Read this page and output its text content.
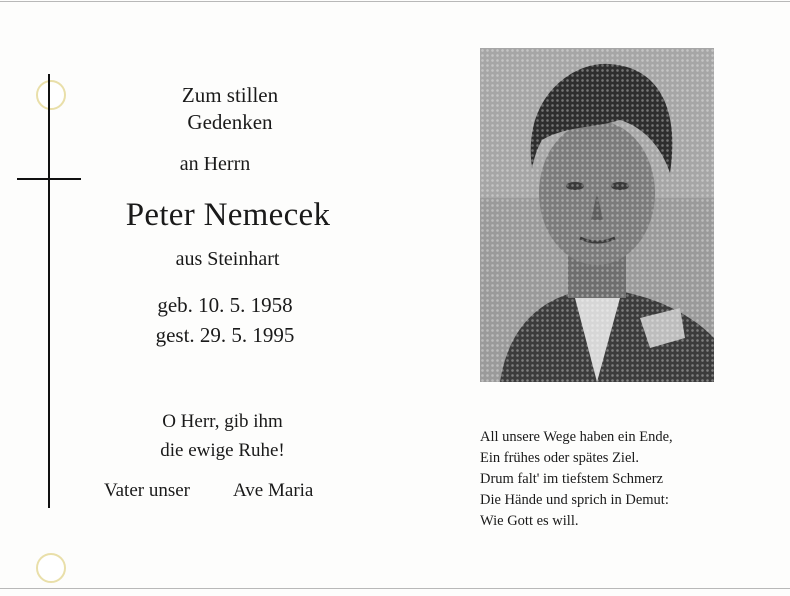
Zum stillen
Gedenken
an Herrn
Peter Nemecek
aus Steinhart
geb. 10. 5. 1958
gest. 29. 5. 1995
O Herr, gib ihm
die ewige Ruhe!
Vater unser Ave Maria
All unsere Wege haben ein Ende,
Ein frühes oder spätes Ziel.
Drum falt' im tiefstem Schmerz
Die Hände und sprich in Demut:
Wie Gott es will.
